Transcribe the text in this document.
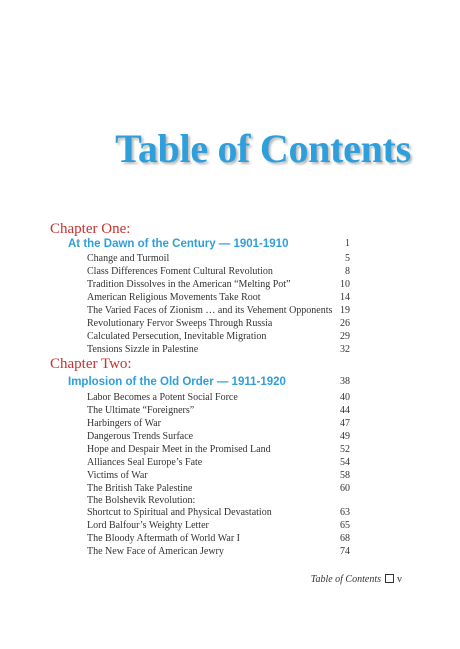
Table of Contents
Chapter One:
At the Dawn of the Century — 1901-1910	1
Change and Turmoil	5
Class Differences Foment Cultural Revolution	8
Tradition Dissolves in the American “Melting Pot”	10
American Religious Movements Take Root	14
The Varied Faces of Zionism … and its Vehement Opponents 19
Revolutionary Fervor Sweeps Through Russia	26
Calculated Persecution, Inevitable Migration	29
Tensions Sizzle in Palestine	32
Chapter Two:
Implosion of the Old Order — 1911-1920	38
Labor Becomes a Potent Social Force	40
The Ultimate “Foreigners”	44
Harbingers of War	47
Dangerous Trends Surface	49
Hope and Despair Meet in the Promised Land	52
Alliances Seal Europe’s Fate	54
Victims of War	58
The British Take Palestine	60
The Bolshevik Revolution:
Shortcut to Spiritual and Physical Devastation	63
Lord Balfour’s Weighty Letter	65
The Bloody Aftermath of World War I	68
The New Face of American Jewry	74
Table of Contents v
